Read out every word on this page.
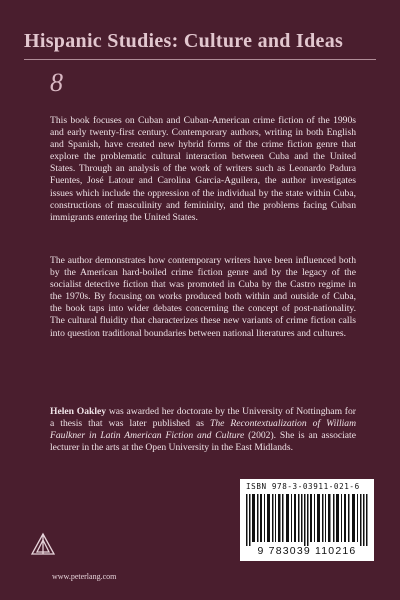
Hispanic Studies: Culture and Ideas
8

This book focuses on Cuban and Cuban-American crime fiction of the 1990s and early twenty-first century. Contemporary authors, writing in both English and Spanish, have created new hybrid forms of the crime fiction genre that explore the problematic cultural interaction between Cuba and the United States. Through an analysis of the work of writers such as Leonardo Padura Fuentes, José Latour and Carolina Garcia-Aguilera, the author investigates issues which include the oppression of the individual by the state within Cuba, constructions of masculinity and femininity, and the problems facing Cuban immigrants entering the United States.

The author demonstrates how contemporary writers have been influenced both by the American hard-boiled crime fiction genre and by the legacy of the socialist detective fiction that was promoted in Cuba by the Castro regime in the 1970s. By focusing on works produced both within and outside of Cuba, the book taps into wider debates concerning the concept of post-nationality. The cultural fluidity that characterizes these new variants of crime fiction calls into question traditional boundaries between national literatures and cultures.

Helen Oakley was awarded her doctorate by the University of Nottingham for a thesis that was later published as The Recontextualization of William Faulkner in Latin American Fiction and Culture (2002). She is an associate lecturer in the arts at the Open University in the East Midlands.

ISBN 978-3-03911-021-6
9 783039 110216
www.peterlang.com
